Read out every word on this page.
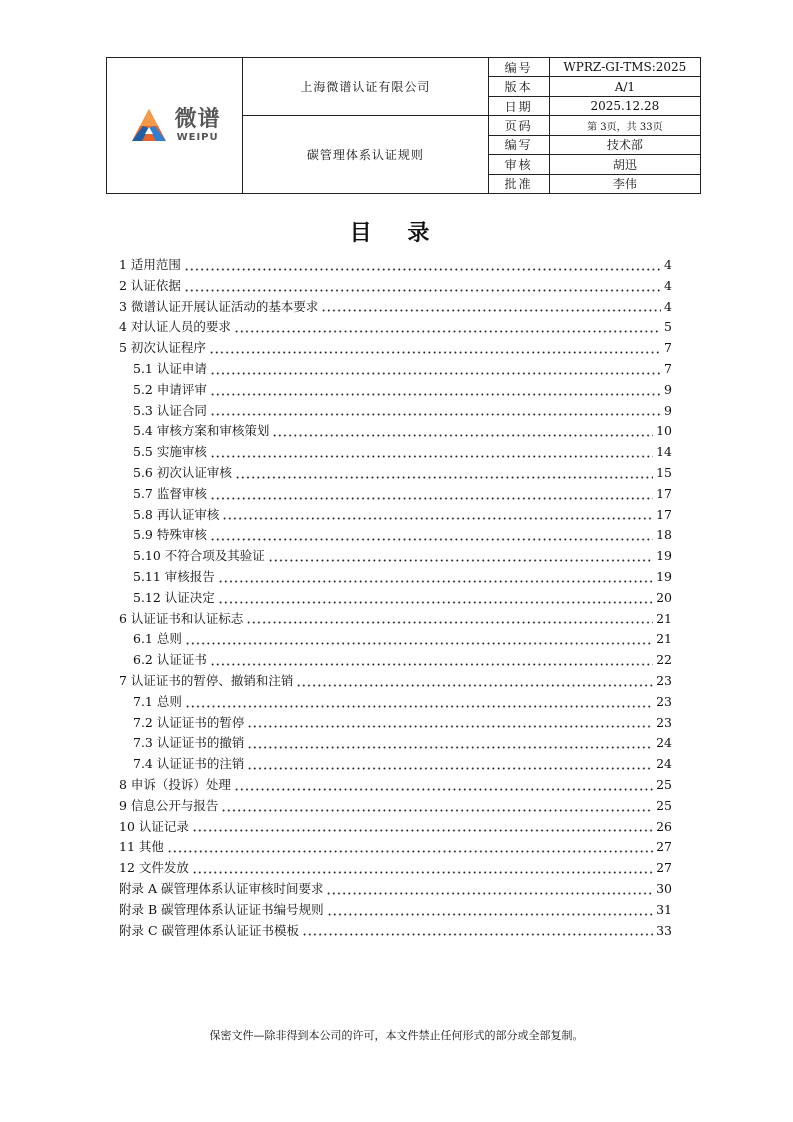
微谱
WEIPU	上海微谱认证有限公司	编号	WPRZ-GI-TMS:2025
		版本	A/1
		日期	2025.12.28
	碳管理体系认证规则	页码	第 3页，共 33页
		编写	技术部
		审核	胡迅
		批准	李伟
目 录
1 适用范围	4
2 认证依据	4
3 微谱认证开展认证活动的基本要求	4
4 对认证人员的要求	5
5 初次认证程序	7
5.1 认证申请	7
5.2 申请评审	9
5.3 认证合同	9
5.4 审核方案和审核策划	10
5.5 实施审核	14
5.6 初次认证审核	15
5.7 监督审核	17
5.8 再认证审核	17
5.9 特殊审核	18
5.10 不符合项及其验证	19
5.11 审核报告	19
5.12 认证决定	20
6 认证证书和认证标志	21
6.1 总则	21
6.2 认证证书	22
7 认证证书的暂停、撤销和注销	23
7.1 总则	23
7.2 认证证书的暂停	23
7.3 认证证书的撤销	24
7.4 认证证书的注销	24
8 申诉（投诉）处理	25
9 信息公开与报告	25
10 认证记录	26
11 其他	27
12 文件发放	27
附录 A 碳管理体系认证审核时间要求	30
附录 B 碳管理体系认证证书编号规则	31
附录 C 碳管理体系认证证书模板	33

保密文件—除非得到本公司的许可，本文件禁止任何形式的部分或全部复制。
